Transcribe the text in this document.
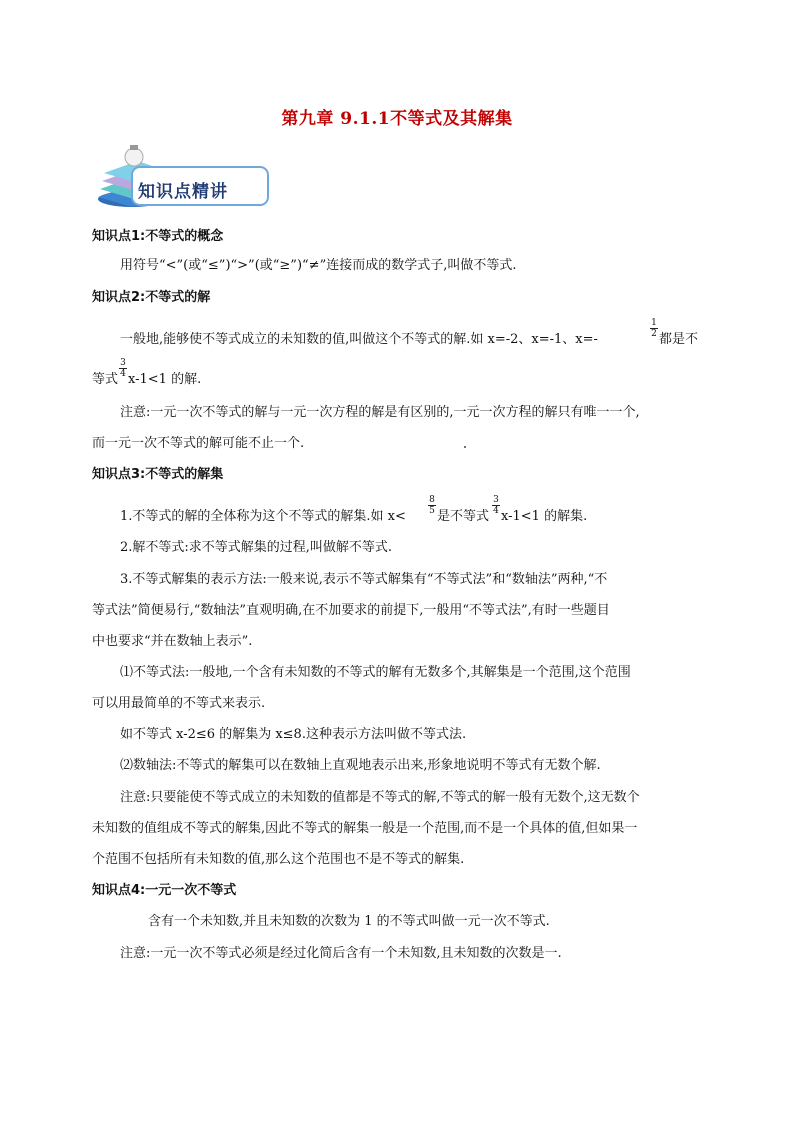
第九章 9.1.1不等式及其解集
知识点精讲
知识点1:不等式的概念
用符号“<”(或“≤”)“>”(或“≥”)“≠”连接而成的数学式子,叫做不等式.
知识点2:不等式的解
一般地,能够使不等式成立的未知数的值,叫做这个不等式的解.如 x=-2、x=-1、x=-
$\frac{1}{2}$
都是不
等式
$\frac{3}{4}$
x-1<1 的解.
注意:一元一次不等式的解与一元一次方程的解是有区别的,一元一次方程的解只有唯一一个,
而一元一次不等式的解可能不止一个.
知识点3:不等式的解集
1.不等式的解的全体称为这个不等式的解集.如 x<
$\frac{8}{5}$
是不等式
$\frac{3}{4}$
x-1<1 的解集.
2.解不等式:求不等式解集的过程,叫做解不等式.
3.不等式解集的表示方法:一般来说,表示不等式解集有“不等式法”和“数轴法”两种,“不
等式法”简便易行,“数轴法”直观明确,在不加要求的前提下,一般用“不等式法”,有时一些题目
中也要求“并在数轴上表示”.
⑴不等式法:一般地,一个含有未知数的不等式的解有无数多个,其解集是一个范围,这个范围
可以用最简单的不等式来表示.
如不等式 x-2≤6 的解集为 x≤8.这种表示方法叫做不等式法.
⑵数轴法:不等式的解集可以在数轴上直观地表示出来,形象地说明不等式有无数个解.
注意:只要能使不等式成立的未知数的值都是不等式的解,不等式的解一般有无数个,这无数个
未知数的值组成不等式的解集,因此不等式的解集一般是一个范围,而不是一个具体的值,但如果一
个范围不包括所有未知数的值,那么这个范围也不是不等式的解集.
知识点4:一元一次不等式
含有一个未知数,并且未知数的次数为 1 的不等式叫做一元一次不等式.
注意:一元一次不等式必须是经过化简后含有一个未知数,且未知数的次数是一.
